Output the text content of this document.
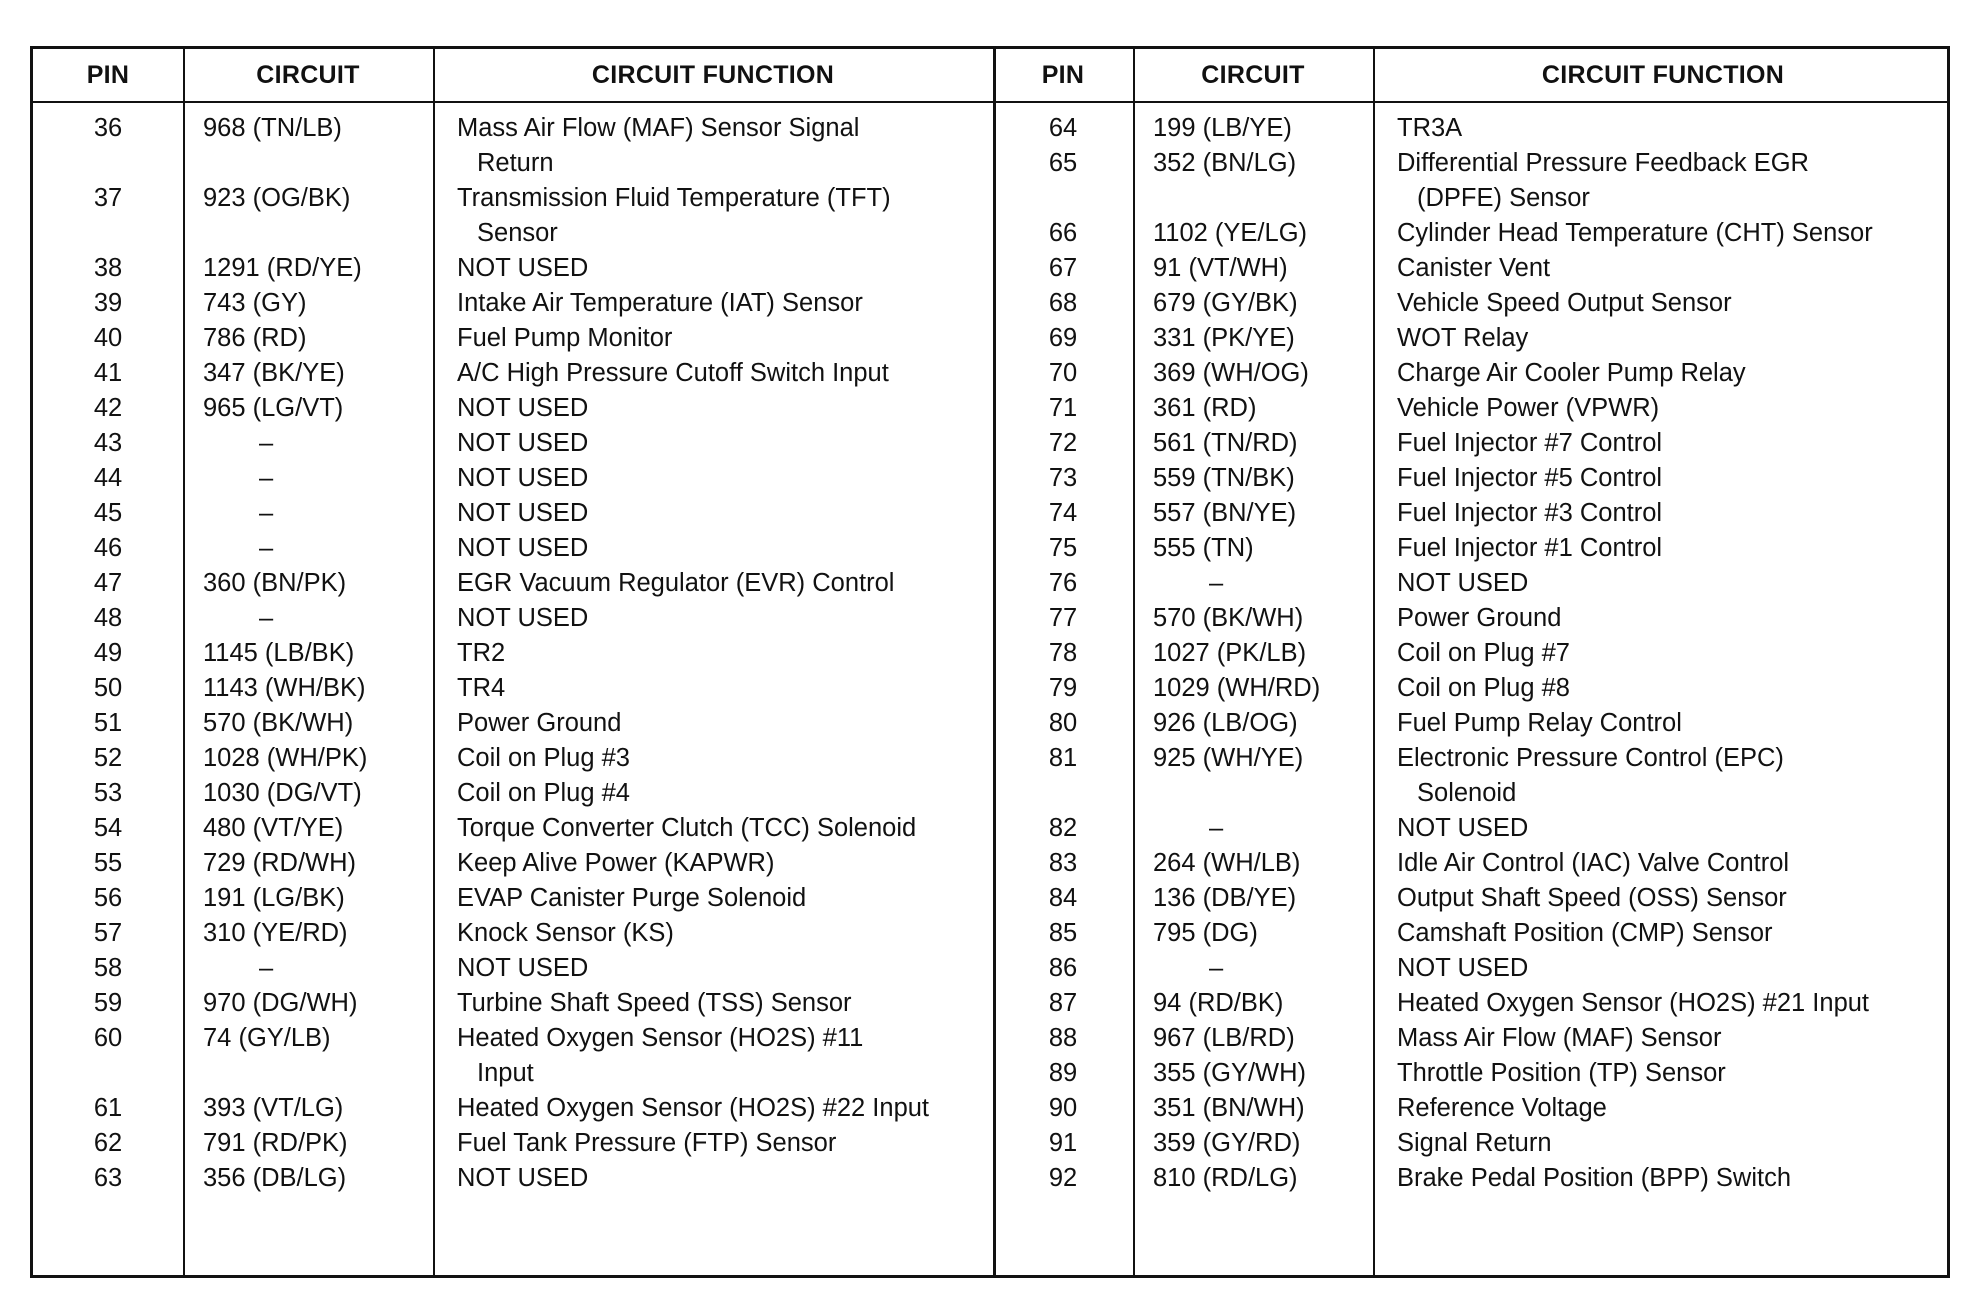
PIN	CIRCUIT	CIRCUIT FUNCTION	PIN	CIRCUIT	CIRCUIT FUNCTION
36	968 (TN/LB)	Mass Air Flow (MAF) Sensor Signal
Return
37	923 (OG/BK)	Transmission Fluid Temperature (TFT)
Sensor
38	1291 (RD/YE)	NOT USED
39	743 (GY)	Intake Air Temperature (IAT) Sensor
40	786 (RD)	Fuel Pump Monitor
41	347 (BK/YE)	A/C High Pressure Cutoff Switch Input
42	965 (LG/VT)	NOT USED
43	–	NOT USED
44	–	NOT USED
45	–	NOT USED
46	–	NOT USED
47	360 (BN/PK)	EGR Vacuum Regulator (EVR) Control
48	–	NOT USED
49	1145 (LB/BK)	TR2
50	1143 (WH/BK)	TR4
51	570 (BK/WH)	Power Ground
52	1028 (WH/PK)	Coil on Plug #3
53	1030 (DG/VT)	Coil on Plug #4
54	480 (VT/YE)	Torque Converter Clutch (TCC) Solenoid
55	729 (RD/WH)	Keep Alive Power (KAPWR)
56	191 (LG/BK)	EVAP Canister Purge Solenoid
57	310 (YE/RD)	Knock Sensor (KS)
58	–	NOT USED
59	970 (DG/WH)	Turbine Shaft Speed (TSS) Sensor
60	74 (GY/LB)	Heated Oxygen Sensor (HO2S) #11
Input
61	393 (VT/LG)	Heated Oxygen Sensor (HO2S) #22 Input
62	791 (RD/PK)	Fuel Tank Pressure (FTP) Sensor
63	356 (DB/LG)	NOT USED
64	199 (LB/YE)	TR3A
65	352 (BN/LG)	Differential Pressure Feedback EGR
(DPFE) Sensor
66	1102 (YE/LG)	Cylinder Head Temperature (CHT) Sensor
67	91 (VT/WH)	Canister Vent
68	679 (GY/BK)	Vehicle Speed Output Sensor
69	331 (PK/YE)	WOT Relay
70	369 (WH/OG)	Charge Air Cooler Pump Relay
71	361 (RD)	Vehicle Power (VPWR)
72	561 (TN/RD)	Fuel Injector #7 Control
73	559 (TN/BK)	Fuel Injector #5 Control
74	557 (BN/YE)	Fuel Injector #3 Control
75	555 (TN)	Fuel Injector #1 Control
76	–	NOT USED
77	570 (BK/WH)	Power Ground
78	1027 (PK/LB)	Coil on Plug #7
79	1029 (WH/RD)	Coil on Plug #8
80	926 (LB/OG)	Fuel Pump Relay Control
81	925 (WH/YE)	Electronic Pressure Control (EPC)
Solenoid
82	–	NOT USED
83	264 (WH/LB)	Idle Air Control (IAC) Valve Control
84	136 (DB/YE)	Output Shaft Speed (OSS) Sensor
85	795 (DG)	Camshaft Position (CMP) Sensor
86	–	NOT USED
87	94 (RD/BK)	Heated Oxygen Sensor (HO2S) #21 Input
88	967 (LB/RD)	Mass Air Flow (MAF) Sensor
89	355 (GY/WH)	Throttle Position (TP) Sensor
90	351 (BN/WH)	Reference Voltage
91	359 (GY/RD)	Signal Return
92	810 (RD/LG)	Brake Pedal Position (BPP) Switch
